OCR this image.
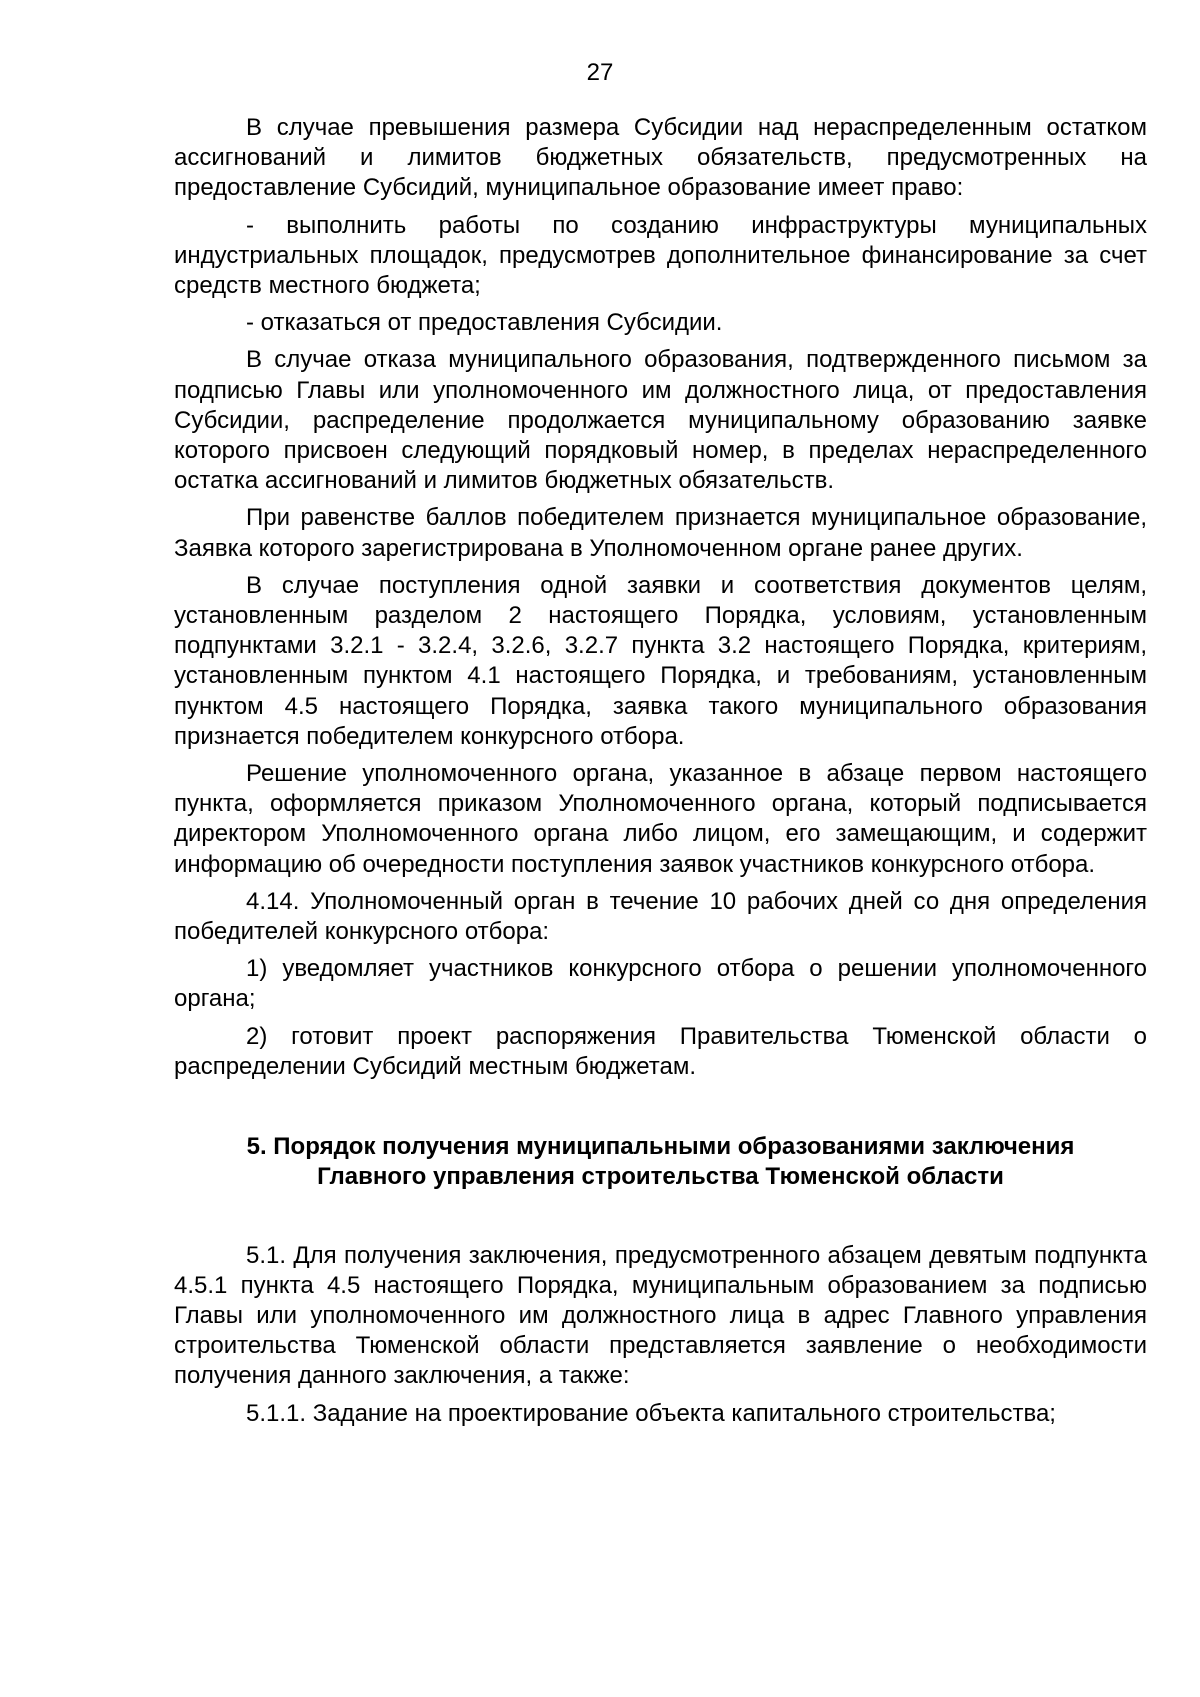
27

В случае превышения размера Субсидии над нераспределенным остатком ассигнований и лимитов бюджетных обязательств, предусмотренных на предоставление Субсидий, муниципальное образование имеет право:

- выполнить работы по созданию инфраструктуры муниципальных индустриальных площадок, предусмотрев дополнительное финансирование за счет средств местного бюджета;

- отказаться от предоставления Субсидии.

В случае отказа муниципального образования, подтвержденного письмом за подписью Главы или уполномоченного им должностного лица, от предоставления Субсидии, распределение продолжается муниципальному образованию заявке которого присвоен следующий порядковый номер, в пределах нераспределенного остатка ассигнований и лимитов бюджетных обязательств.

При равенстве баллов победителем признается муниципальное образование, Заявка которого зарегистрирована в Уполномоченном органе ранее других.

В случае поступления одной заявки и соответствия документов целям, установленным разделом 2 настоящего Порядка, условиям, установленным подпунктами 3.2.1 - 3.2.4, 3.2.6, 3.2.7 пункта 3.2 настоящего Порядка, критериям, установленным пунктом 4.1 настоящего Порядка, и требованиям, установленным пунктом 4.5 настоящего Порядка, заявка такого муниципального образования признается победителем конкурсного отбора.

Решение уполномоченного органа, указанное в абзаце первом настоящего пункта, оформляется приказом Уполномоченного органа, который подписывается директором Уполномоченного органа либо лицом, его замещающим, и содержит информацию об очередности поступления заявок участников конкурсного отбора.

4.14. Уполномоченный орган в течение 10 рабочих дней со дня определения победителей конкурсного отбора:

1) уведомляет участников конкурсного отбора о решении уполномоченного органа;

2) готовит проект распоряжения Правительства Тюменской области о распределении Субсидий местным бюджетам.

5. Порядок получения муниципальными образованиями заключения
Главного управления строительства Тюменской области

5.1. Для получения заключения, предусмотренного абзацем девятым подпункта 4.5.1 пункта 4.5 настоящего Порядка, муниципальным образованием за подписью Главы или уполномоченного им должностного лица в адрес Главного управления строительства Тюменской области представляется заявление о необходимости получения данного заключения, а также:

5.1.1. Задание на проектирование объекта капитального строительства;
